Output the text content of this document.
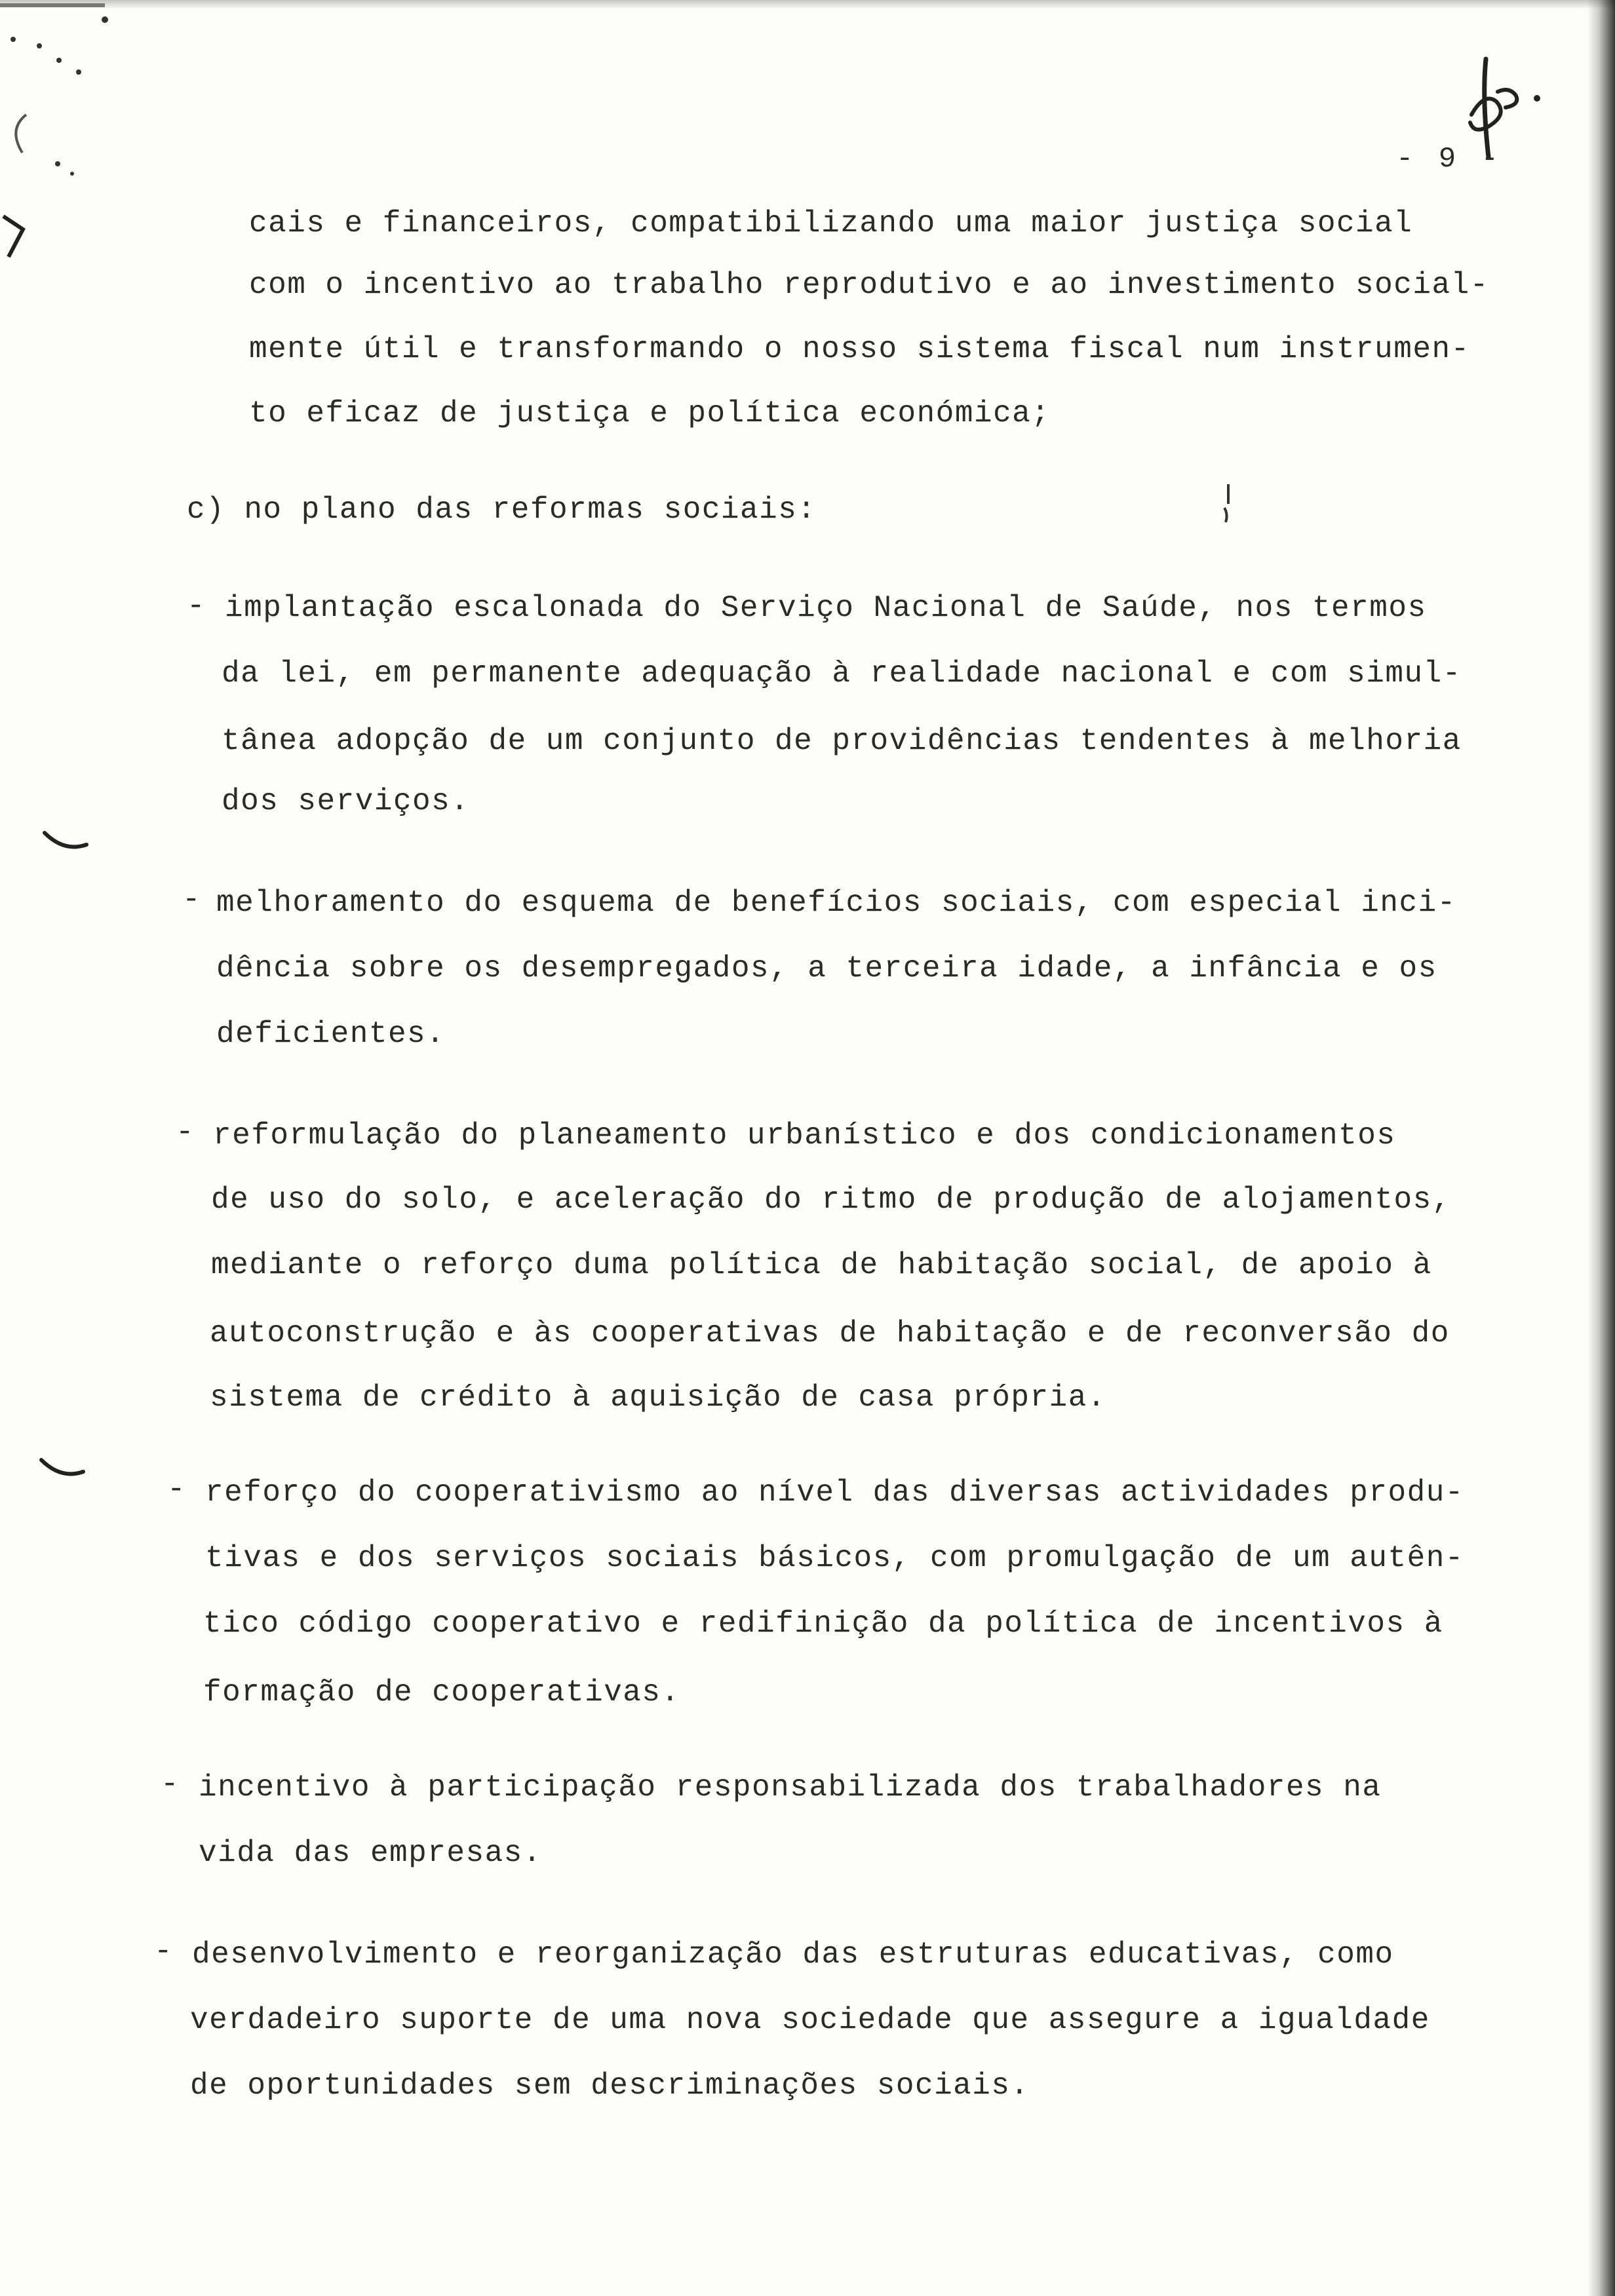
- 9 -
cais e financeiros, compatibilizando uma maior justiça social
com o incentivo ao trabalho reprodutivo e ao investimento social-
mente útil e transformando o nosso sistema fiscal num instrumen-
to eficaz de justiça e política económica;
c) no plano das reformas sociais:
- implantação escalonada do Serviço Nacional de Saúde, nos termos
da lei, em permanente adequação à realidade nacional e com simul-
tânea adopção de um conjunto de providências tendentes à melhoria
dos serviços.
- melhoramento do esquema de benefícios sociais, com especial inci-
dência sobre os desempregados, a terceira idade, a infância e os
deficientes.
- reformulação do planeamento urbanístico e dos condicionamentos
de uso do solo, e aceleração do ritmo de produção de alojamentos,
mediante o reforço duma política de habitação social, de apoio à
autoconstrução e às cooperativas de habitação e de reconversão do
sistema de crédito à aquisição de casa própria.
- reforço do cooperativismo ao nível das diversas actividades produ-
tivas e dos serviços sociais básicos, com promulgação de um autên-
tico código cooperativo e redifinição da política de incentivos à
formação de cooperativas.
- incentivo à participação responsabilizada dos trabalhadores na
vida das empresas.
- desenvolvimento e reorganização das estruturas educativas, como
verdadeiro suporte de uma nova sociedade que assegure a igualdade
de oportunidades sem descriminações sociais.
